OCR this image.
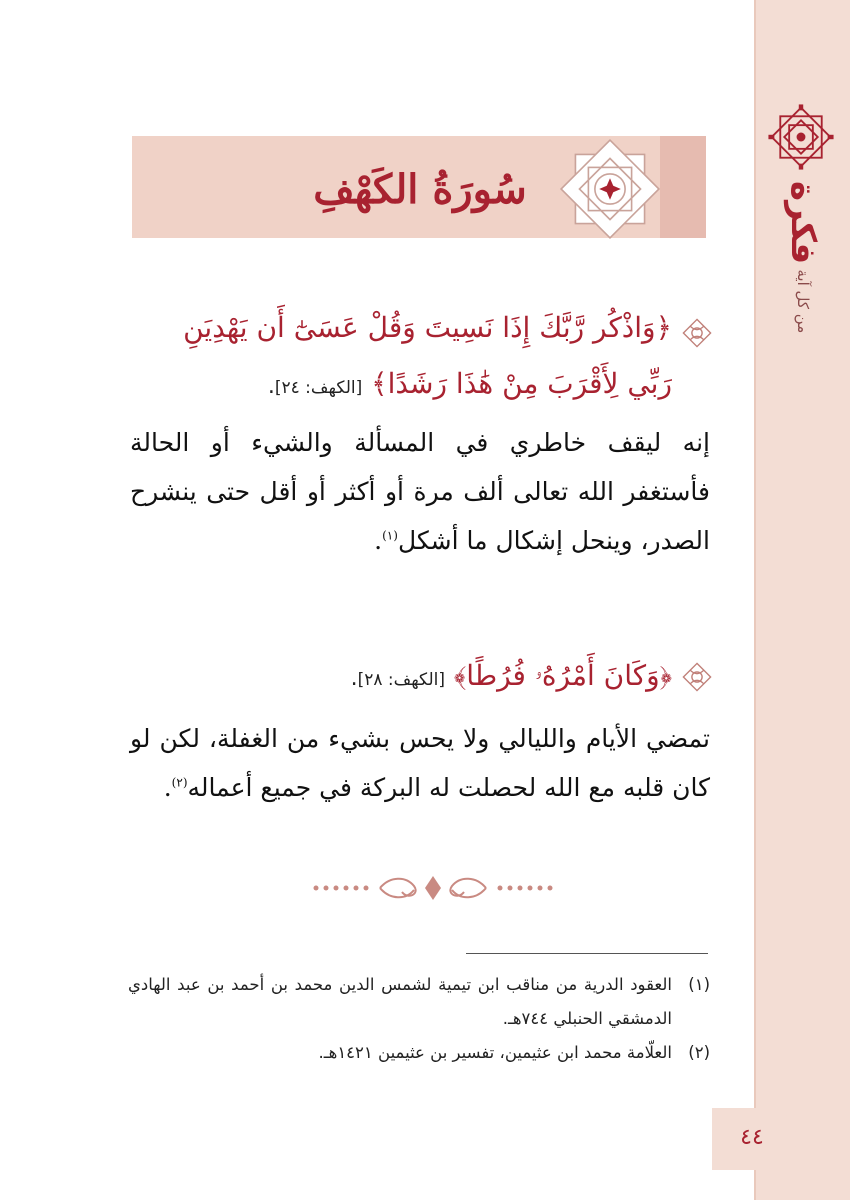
من كل آية فكرة
سُورَةُ الكَهْفِ
﴿وَاذْكُر رَّبَّكَ إِذَا نَسِيتَ وَقُلْ عَسَىٰٓ أَن يَهْدِيَنِ رَبِّي لِأَقْرَبَ مِنْ هَٰذَا رَشَدًا﴾ [الكهف: ٢٤].
إنه ليقف خاطري في المسألة والشيء أو الحالة فأستغفر الله تعالى ألف مرة أو أكثر أو أقل حتى ينشرح الصدر، وينحل إشكال ما أشكل$^{(١)}$.
﴿وَكَانَ أَمْرُهُۥ فُرُطًا﴾ [الكهف: ٢٨].
تمضي الأيام والليالي ولا يحس بشيء من الغفلة، لكن لو كان قلبه مع الله لحصلت له البركة في جميع أعماله$^{(٢)}$.
(١)
العقود الدرية من مناقب ابن تيمية لشمس الدين محمد بن أحمد بن عبد الهادي الدمشقي الحنبلي ٧٤٤هـ.
(٢)
العلّامة محمد ابن عثيمين، تفسير بن عثيمين ١٤٢١هـ.
٤٤
